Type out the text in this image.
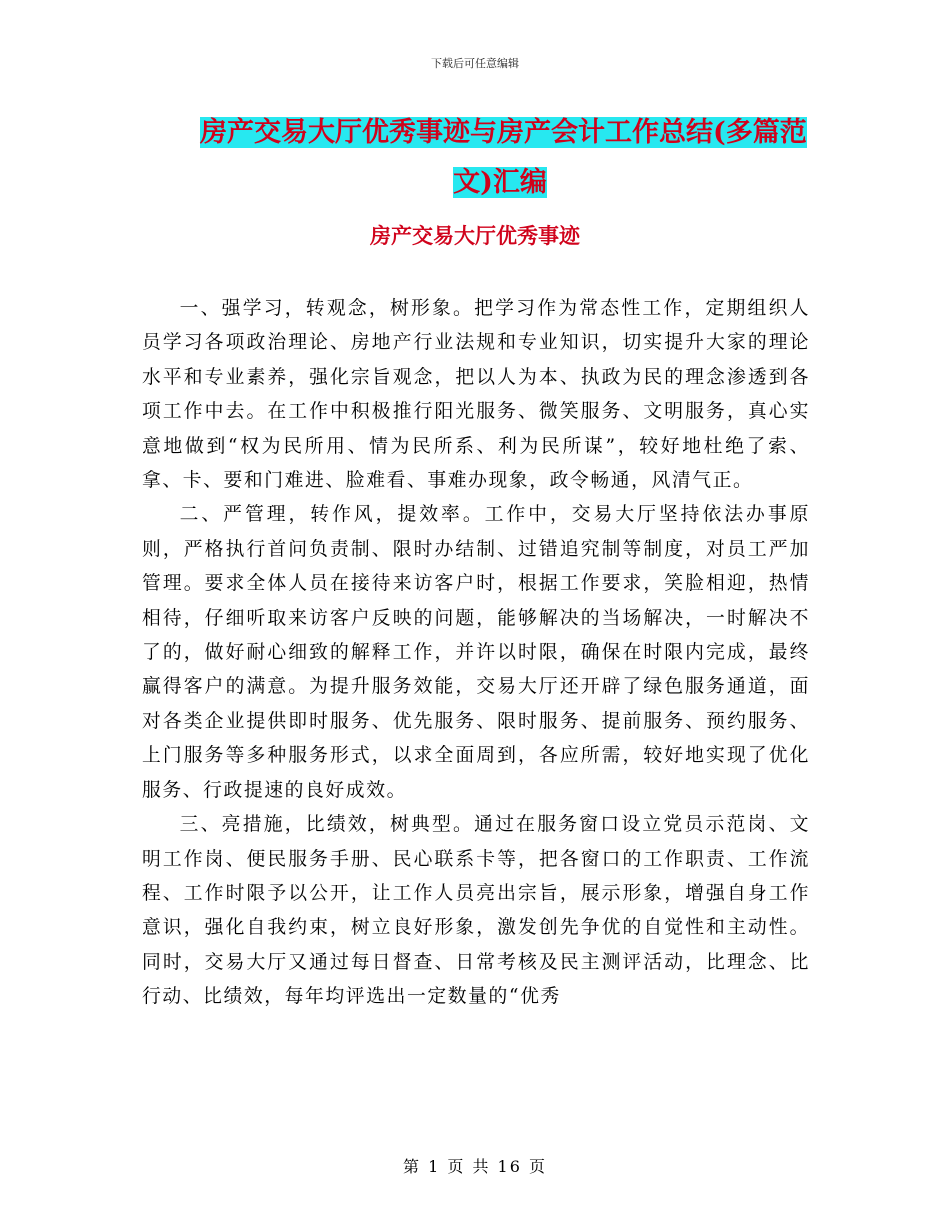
下载后可任意编辑
房产交易大厅优秀事迹与房产会计工作总结(多篇范
文)汇编
房产交易大厅优秀事迹

一、强学习，转观念，树形象。把学习作为常态性工作，定期组织人员学习各项政治理论、房地产行业法规和专业知识，切实提升大家的理论水平和专业素养，强化宗旨观念，把以人为本、执政为民的理念渗透到各项工作中去。在工作中积极推行阳光服务、微笑服务、文明服务，真心实意地做到“权为民所用、情为民所系、利为民所谋”，较好地杜绝了索、拿、卡、要和门难进、脸难看、事难办现象，政令畅通，风清气正。

二、严管理，转作风，提效率。工作中，交易大厅坚持依法办事原则，严格执行首问负责制、限时办结制、过错追究制等制度，对员工严加管理。要求全体人员在接待来访客户时，根据工作要求，笑脸相迎，热情相待，仔细听取来访客户反映的问题，能够解决的当场解决，一时解决不了的，做好耐心细致的解释工作，并许以时限，确保在时限内完成，最终赢得客户的满意。为提升服务效能，交易大厅还开辟了绿色服务通道，面对各类企业提供即时服务、优先服务、限时服务、提前服务、预约服务、上门服务等多种服务形式，以求全面周到，各应所需，较好地实现了优化服务、行政提速的良好成效。

三、亮措施，比绩效，树典型。通过在服务窗口设立党员示范岗、文明工作岗、便民服务手册、民心联系卡等，把各窗口的工作职责、工作流程、工作时限予以公开，让工作人员亮出宗旨，展示形象，增强自身工作意识，强化自我约束，树立良好形象，激发创先争优的自觉性和主动性。同时，交易大厅又通过每日督查、日常考核及民主测评活动，比理念、比行动、比绩效，每年均评选出一定数量的“优秀

第 1 页 共 16 页
